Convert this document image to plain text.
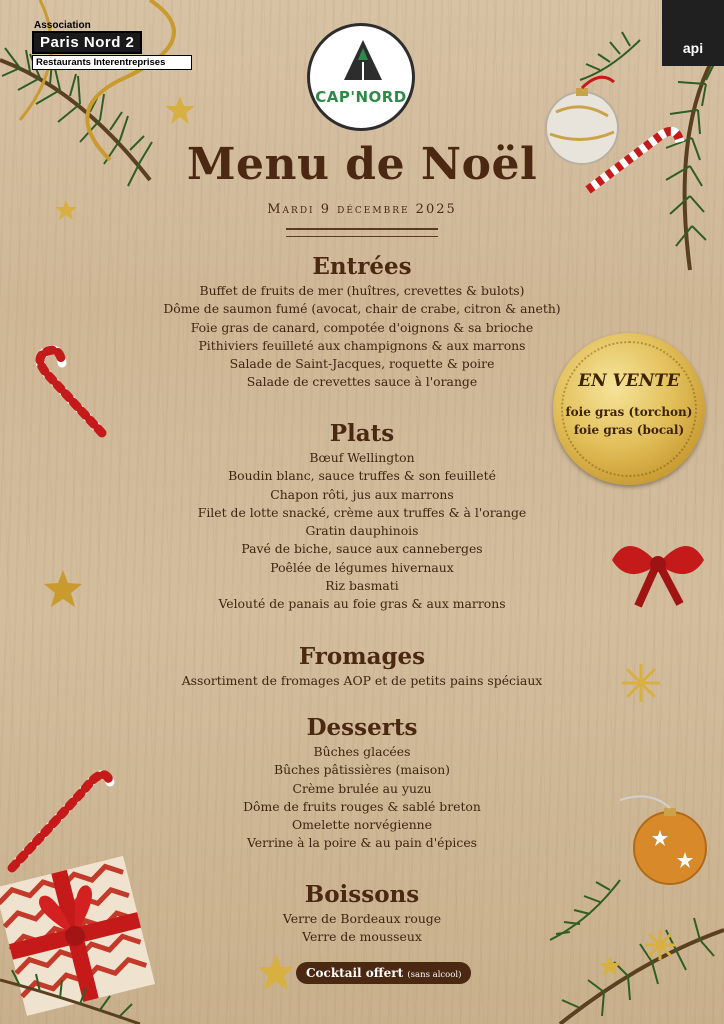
Association
Paris Nord 2
Restaurants Interentreprises
CAP'NORD
api
Menu de Noël
Mardi 9 décembre 2025
Entrées
Buffet de fruits de mer (huîtres, crevettes & bulots)
Dôme de saumon fumé (avocat, chair de crabe, citron & aneth)
Foie gras de canard, compotée d'oignons & sa brioche
Pithiviers feuilleté aux champignons & aux marrons
Salade de Saint-Jacques, roquette & poire
Salade de crevettes sauce à l'orange
Plats
Bœuf Wellington
Boudin blanc, sauce truffes & son feuilleté
Chapon rôti, jus aux marrons
Filet de lotte snacké, crème aux truffes & à l'orange
Gratin dauphinois
Pavé de biche, sauce aux canneberges
Poêlée de légumes hivernaux
Riz basmati
Velouté de panais au foie gras & aux marrons
Fromages
Assortiment de fromages AOP et de petits pains spéciaux
Desserts
Bûches glacées
Bûches pâtissières (maison)
Crème brulée au yuzu
Dôme de fruits rouges & sablé breton
Omelette norvégienne
Verrine à la poire & au pain d'épices
Boissons
Verre de Bordeaux rouge
Verre de mousseux
EN VENTE
foie gras (torchon)
foie gras (bocal)
Cocktail offert (sans alcool)
